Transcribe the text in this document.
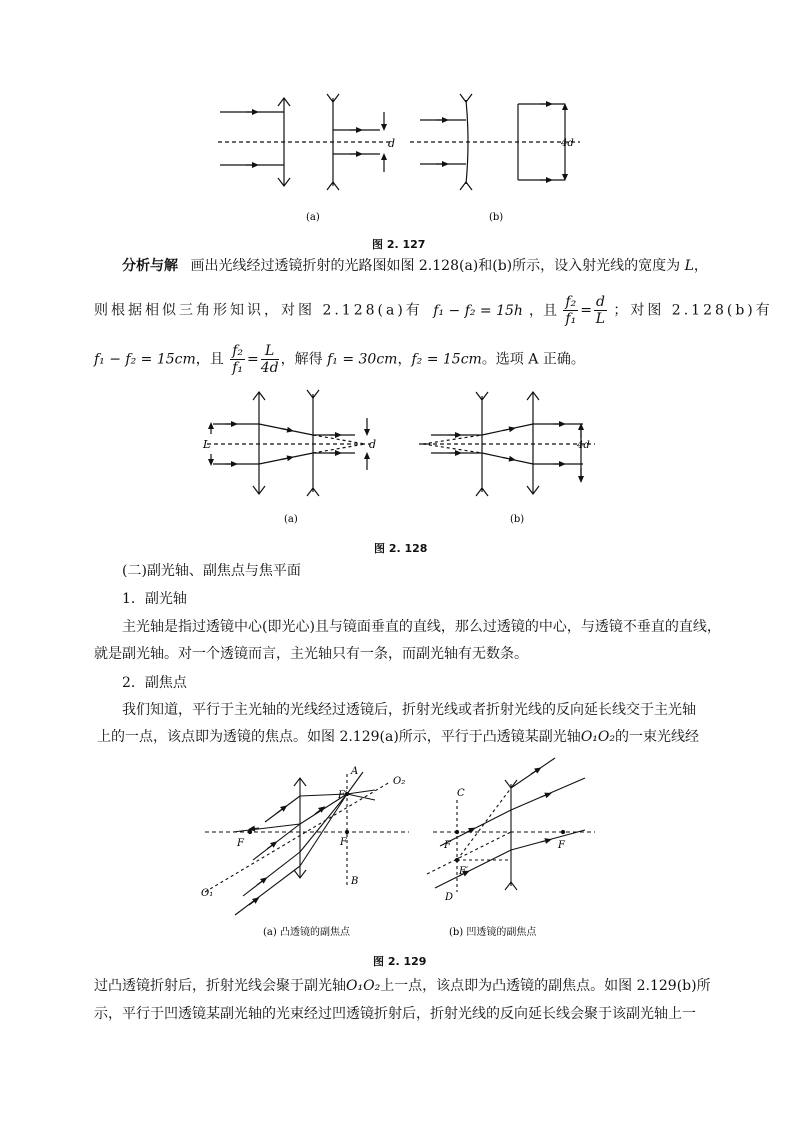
d	4d
(a)	(b)
图 2. 127
分析与解 画出光线经过透镜折射的光路图如图 2.128(a)和(b)所示，设入射光线的宽度为 L，
则根据相似三角形知识，对图 2.128(a)有 f₁ − f₂ = 15h ，且 $\frac{\text{f₂}}{\text{f₁}} = \frac{d}{L}$ ；对图 2.128(b)有
f₁ − f₂ = 15cm，且 $\frac{\text{f₂}}{\text{f₁}} = \frac{L}{4d}$ ，解得 f₁ = 30cm，f₂ = 15cm。选项 A 正确。
L	d	4d
(a)	(b)
图 2. 128
(二)副光轴、副焦点与焦平面
1．副光轴
主光轴是指过透镜中心(即光心)且与镜面垂直的直线，那么过透镜的中心，与透镜不垂直的直线，
就是副光轴。对一个透镜而言，主光轴只有一条，而副光轴有无数条。
2．副焦点
我们知道，平行于主光轴的光线经过透镜后，折射光线或者折射光线的反向延长线交于主光轴
上的一点，该点即为透镜的焦点。如图 2.129(a)所示，平行于凸透镜某副光轴O₁O₂的一束光线经
A
B
F′
F
F
O₁
O₂
C
D
F
F′
F
(a) 凸透镜的副焦点	(b) 凹透镜的副焦点
图 2. 129
过凸透镜折射后，折射光线会聚于副光轴O₁O₂上一点，该点即为凸透镜的副焦点。如图 2.129(b)所
示，平行于凹透镜某副光轴的光束经过凹透镜折射后，折射光线的反向延长线会聚于该副光轴上一
